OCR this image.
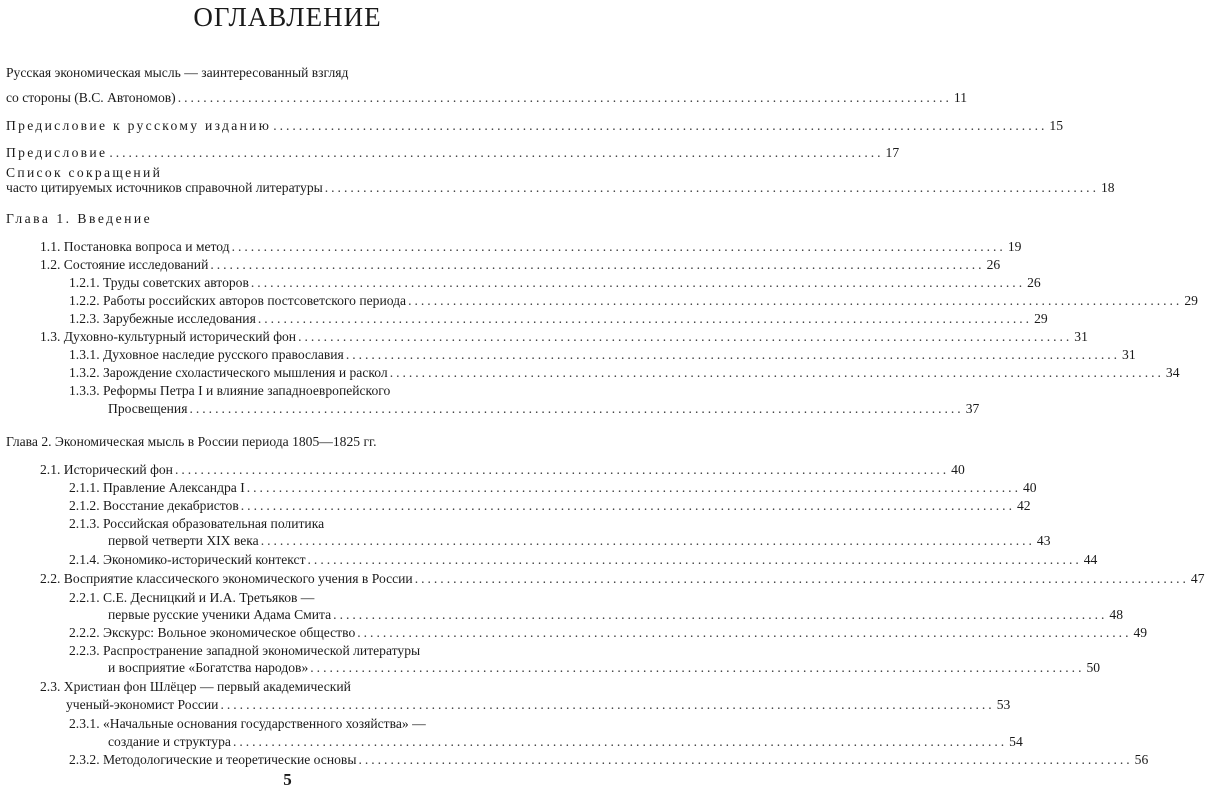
ОГЛАВЛЕНИЕ
Русская экономическая мысль — заинтересованный взгляд
со стороны (В.С. Автономов) ......................................................................................................................... 11
Предисловие к русскому изданию ......................................................................................................................... 15
Предисловие ......................................................................................................................... 17
Список сокращений
часто цитируемых источников справочной литературы ......................................................................................................................... 18
Глава 1. Введение
1.1. Постановка вопроса и метод ......................................................................................................................... 19
1.2. Состояние исследований ......................................................................................................................... 26
1.2.1. Труды советских авторов ......................................................................................................................... 26
1.2.2. Работы российских авторов постсоветского периода ......................................................................................................................... 29
1.2.3. Зарубежные исследования ......................................................................................................................... 29
1.3. Духовно-культурный исторический фон ......................................................................................................................... 31
1.3.1. Духовное наследие русского православия ......................................................................................................................... 31
1.3.2. Зарождение схоластического мышления и раскол ......................................................................................................................... 34
1.3.3. Реформы Петра I и влияние западноевропейского
Просвещения ......................................................................................................................... 37
Глава 2. Экономическая мысль в России периода 1805—1825 гг.
2.1. Исторический фон ......................................................................................................................... 40
2.1.1. Правление Александра I ......................................................................................................................... 40
2.1.2. Восстание декабристов ......................................................................................................................... 42
2.1.3. Российская образовательная политика
первой четверти XIX века ......................................................................................................................... 43
2.1.4. Экономико-исторический контекст ......................................................................................................................... 44
2.2. Восприятие классического экономического учения в России ......................................................................................................................... 47
2.2.1. С.Е. Десницкий и И.А. Третьяков —
первые русские ученики Адама Смита ......................................................................................................................... 48
2.2.2. Экскурс: Вольное экономическое общество ......................................................................................................................... 49
2.2.3. Распространение западной экономической литературы
и восприятие «Богатства народов» ......................................................................................................................... 50
2.3. Христиан фон Шлёцер — первый академический
ученый-экономист России ......................................................................................................................... 53
2.3.1. «Начальные основания государственного хозяйства» —
создание и структура ......................................................................................................................... 54
2.3.2. Методологические и теоретические основы ......................................................................................................................... 56
5
